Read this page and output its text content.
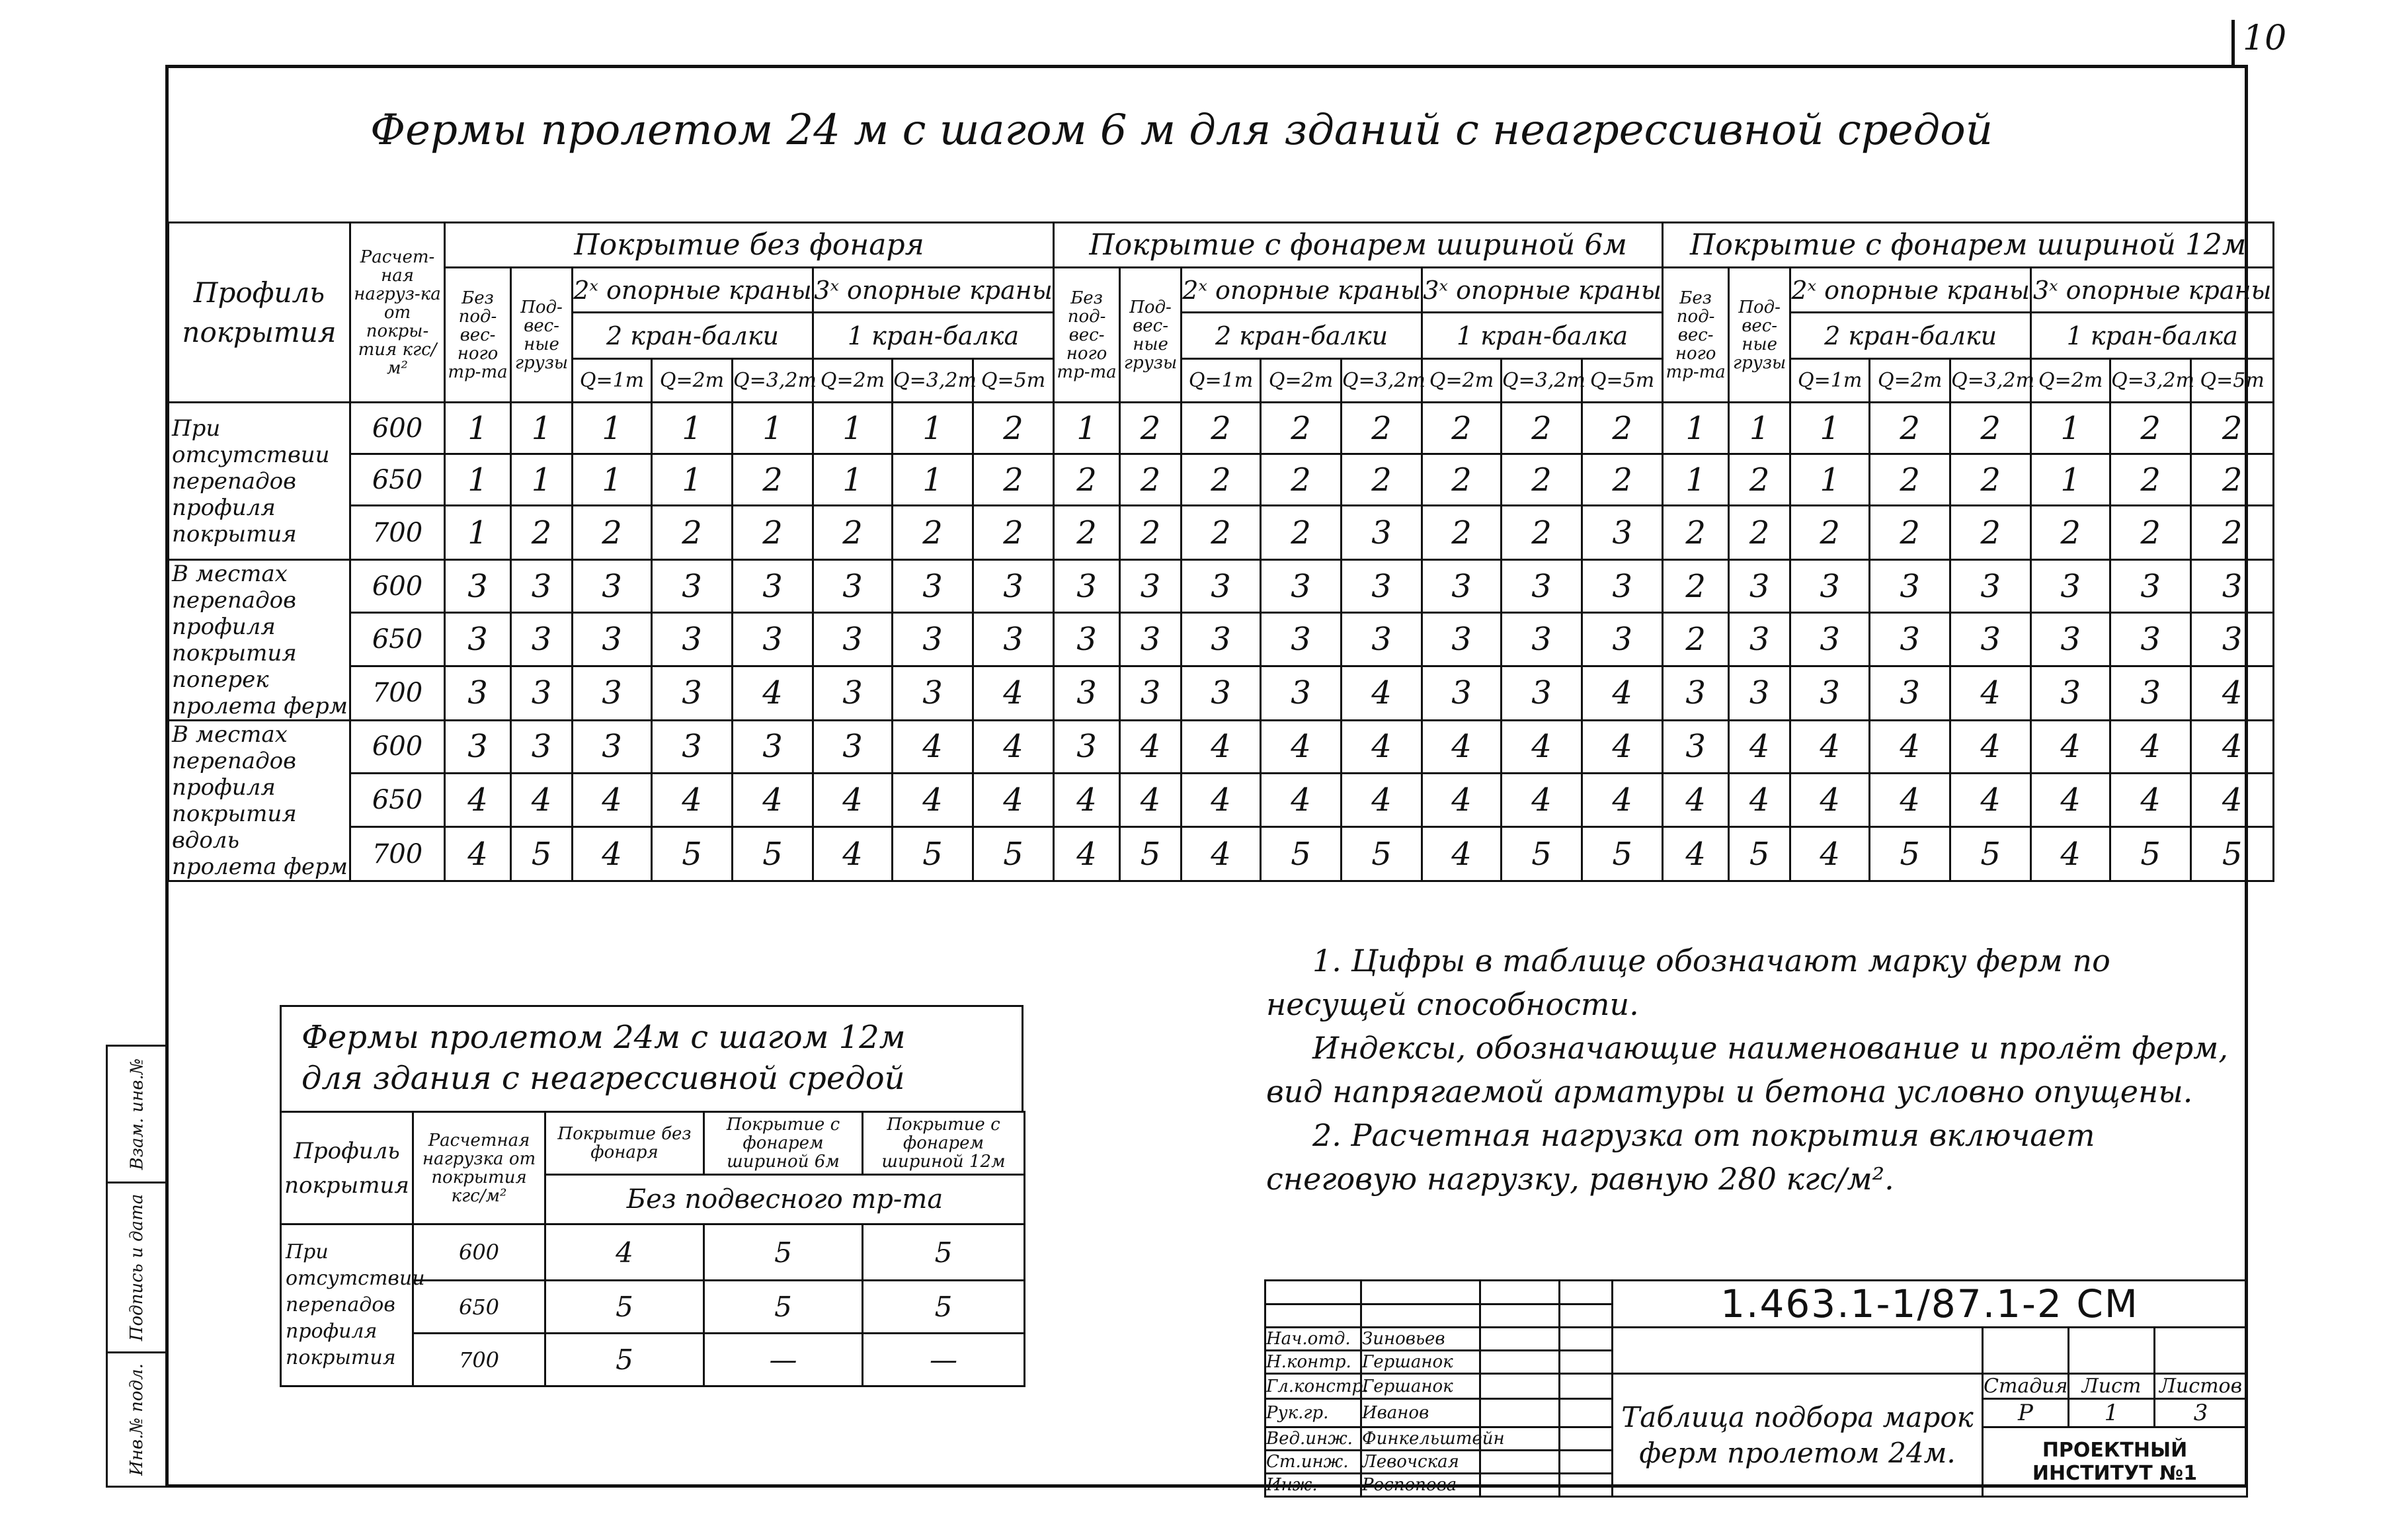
10
Фермы пролетом 24 м с шагом 6 м для зданий с неагрессивной средой
Профиль покрытия	Расчет-ная нагруз-ка от покры-тия кгс/м²	Покрытие без фонаря								Покрытие с фонарем шириной 6м								Покрытие с фонарем шириной 12м							
		Без под-вес-ного тр-та	Под-вес-ные грузы	2ˣ опорные краны			3ˣ опорные краны			Без под-вес-ного тр-та	Под-вес-ные грузы	2ˣ опорные краны			3ˣ опорные краны			Без под-вес-ного тр-та	Под-вес-ные грузы	2ˣ опорные краны			3ˣ опорные краны		
				2 кран-балки			1 кран-балка					2 кран-балки			1 кран-балка					2 кран-балки			1 кран-балка		
				Q=1т	Q=2т	Q=3,2т	Q=2т	Q=3,2т	Q=5т			Q=1т	Q=2т	Q=3,2т	Q=2т	Q=3,2т	Q=5т			Q=1т	Q=2т	Q=3,2т	Q=2т	Q=3,2т	Q=5т
При отсутствии перепадов профиля покрытия	600	1	1	1	1	1	1	1	2	1	2	2	2	2	2	2	2	1	1	1	2	2	1	2	2
	650	1	1	1	1	2	1	1	2	2	2	2	2	2	2	2	2	1	2	1	2	2	1	2	2
	700	1	2	2	2	2	2	2	2	2	2	2	2	3	2	2	3	2	2	2	2	2	2	2	2
В местах перепадов профиля покрытия поперек пролета ферм	600	3	3	3	3	3	3	3	3	3	3	3	3	3	3	3	3	2	3	3	3	3	3	3	3
	650	3	3	3	3	3	3	3	3	3	3	3	3	3	3	3	3	2	3	3	3	3	3	3	3
	700	3	3	3	3	4	3	3	4	3	3	3	3	4	3	3	4	3	3	3	3	4	3	3	4
В местах перепадов профиля покрытия вдоль пролета ферм	600	3	3	3	3	3	3	4	4	3	4	4	4	4	4	4	4	3	4	4	4	4	4	4	4
	650	4	4	4	4	4	4	4	4	4	4	4	4	4	4	4	4	4	4	4	4	4	4	4	4
	700	4	5	4	5	5	4	5	5	4	5	4	5	5	4	5	5	4	5	4	5	5	4	5	5
1. Цифры в таблице обозначают марку ферм по несущей способности.
Индексы, обозначающие наименование и пролёт ферм, вид напрягаемой арматуры и бетона условно опущены.
2. Расчетная нагрузка от покрытия включает снеговую нагрузку, равную 280 кгс/м².
Фермы пролетом 24м с шагом 12м
для здания с неагрессивной средой
Профиль покрытия	Расчетная нагрузка от покрытия кгс/м²	Покрытие без фонаря	Покрытие с фонарем шириной 6м	Покрытие с фонарем шириной 12м
		Без подвесного тр-та		
При отсутствии перепадов профиля покрытия	600	4	5	5
	650	5	5	5
	700	5	—	—
Взам. инв.№
Подпись и дата
Инв.№ подл.
				1.463.1-1/87.1-2 СМ			

Нач.отд.	Зиновьев						
Н.контр.	Гершанок						
Гл.констр.	Гершанок			Таблица подбора марок ферм пролетом 24м.	Стадия	Лист	Листов
Рук.гр.	Иванов				Р	1	3
Вед.инж.	Финкельштейн				ПРОЕКТНЫЙ ИНСТИТУТ №1		
Ст.инж.	Левочская						
Инж.	Роспопова						
